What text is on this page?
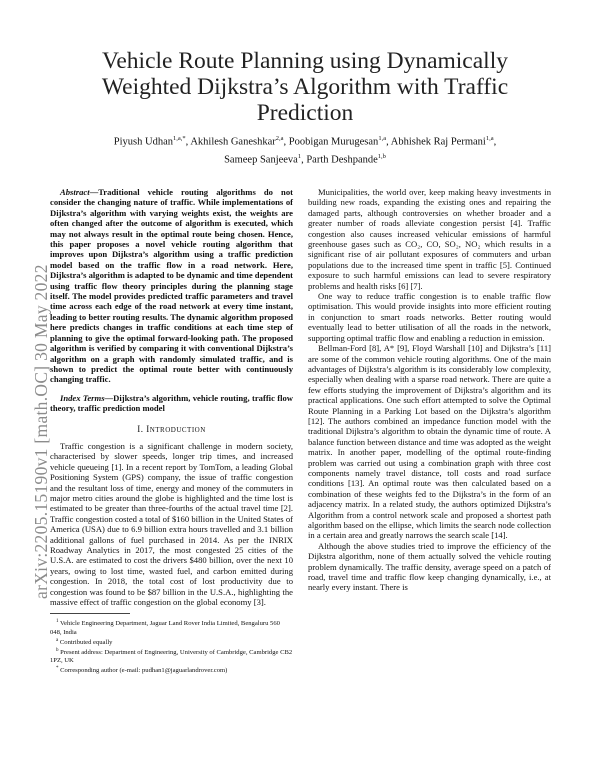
arXiv:2205.15190v1 [math.OC] 30 May 2022
Vehicle Route Planning using Dynamically
Weighted Dijkstra’s Algorithm with Traffic
Prediction
Piyush Udhan$^{1,a,*}$, Akhilesh Ganeshkar$^{2,a}$, Poobigan Murugesan$^{1,a}$, Abhishek Raj Permani$^{1,a}$,
Sameep Sanjeeva$^1$, Parth Deshpande$^{1,b}$

Abstract—Traditional vehicle routing algorithms do not consider the changing nature of traffic. While implementations of Dijkstra’s algorithm with varying weights exist, the weights are often changed after the outcome of algorithm is executed, which may not always result in the optimal route being chosen. Hence, this paper proposes a novel vehicle routing algorithm that improves upon Dijkstra’s algorithm using a traffic prediction model based on the traffic flow in a road network. Here, Dijkstra’s algorithm is adapted to be dynamic and time dependent using traffic flow theory principles during the planning stage itself. The model provides predicted traffic parameters and travel time across each edge of the road network at every time instant, leading to better routing results. The dynamic algorithm proposed here predicts changes in traffic conditions at each time step of planning to give the optimal forward-looking path. The proposed algorithm is verified by comparing it with conventional Dijkstra’s algorithm on a graph with randomly simulated traffic, and is shown to predict the optimal route better with continuously changing traffic.

Index Terms—Dijkstra’s algorithm, vehicle routing, traffic flow theory, traffic prediction model

I. INTRODUCTION

Traffic congestion is a significant challenge in modern society, characterised by slower speeds, longer trip times, and increased vehicle queueing [1]. In a recent report by TomTom, a leading Global Positioning System (GPS) company, the issue of traffic congestion and the resultant loss of time, energy and money of the commuters in major metro cities around the globe is highlighted and the time lost is estimated to be greater than three-fourths of the actual travel time [2]. Traffic congestion costed a total of $160 billion in the United States of America (USA) due to 6.9 billion extra hours travelled and 3.1 billion additional gallons of fuel purchased in 2014. As per the INRIX Roadway Analytics in 2017, the most congested 25 cities of the U.S.A. are estimated to cost the drivers $480 billion, over the next 10 years, owing to lost time, wasted fuel, and carbon emitted during congestion. In 2018, the total cost of lost productivity due to congestion was found to be $87 billion in the U.S.A., highlighting the massive effect of traffic congestion on the global economy [3].

$^1$ Vehicle Engineering Department, Jaguar Land Rover India Limited, Bengaluru 560 048, India

$^a$ Contributed equally

$^b$ Present address: Department of Engineering, University of Cambridge, Cambridge CB2 1PZ, UK

* Corresponding author (e-mail: pudhan1@jaguarlandrover.com)

Municipalities, the world over, keep making heavy investments in building new roads, expanding the existing ones and repairing the damaged parts, although controversies on whether broader and a greater number of roads alleviate congestion persist [4]. Traffic congestion also causes increased vehicular emissions of harmful greenhouse gases such as CO₂, CO, SO₂, NO₂ which results in a significant rise of air pollutant exposures of commuters and urban populations due to the increased time spent in traffic [5]. Continued exposure to such harmful emissions can lead to severe respiratory problems and health risks [6] [7].

One way to reduce traffic congestion is to enable traffic flow optimisation. This would provide insights into more efficient routing in conjunction to smart roads networks. Better routing would eventually lead to better utilisation of all the roads in the network, supporting optimal traffic flow and enabling a reduction in emission.

Bellman-Ford [8], A* [9], Floyd Warshall [10] and Dijkstra’s [11] are some of the common vehicle routing algorithms. One of the main advantages of Dijkstra’s algorithm is its considerably low complexity, especially when dealing with a sparse road network. There are quite a few efforts studying the improvement of Dijkstra’s algorithm and its practical applications. One such effort attempted to solve the Optimal Route Planning in a Parking Lot based on the Dijkstra’s algorithm [12]. The authors combined an impedance function model with the traditional Dijkstra’s algorithm to obtain the dynamic time of route. A balance function between distance and time was adopted as the weight matrix. In another paper, modelling of the optimal route-finding problem was carried out using a combination graph with three cost components namely travel distance, toll costs and road surface conditions [13]. An optimal route was then calculated based on a combination of these weights fed to the Dijkstra’s in the form of an adjacency matrix. In a related study, the authors optimized Dijkstra’s Algorithm from a control network scale and proposed a shortest path algorithm based on the ellipse, which limits the search node collection in a certain area and greatly narrows the search scale [14].

Although the above studies tried to improve the efficiency of the Dijkstra algorithm, none of them actually solved the vehicle routing problem dynamically. The traffic density, average speed on a patch of road, travel time and traffic flow keep changing dynamically, i.e., at nearly every instant. There is
